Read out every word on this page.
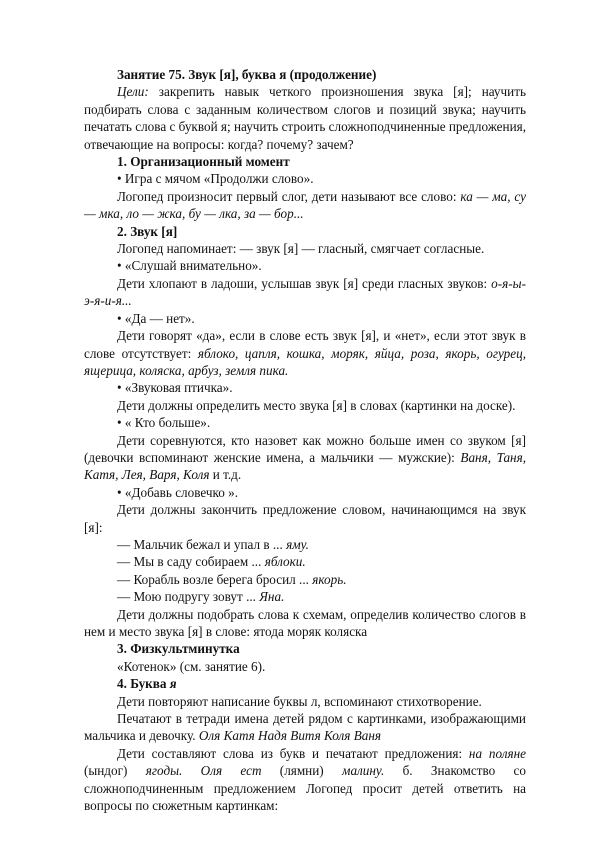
Занятие 75. Звук [я], буква я (продолжение)

Цели: закрепить навык четкого произношения звука [я]; научить подбирать слова с заданным количеством слогов и позиций звука; научить печатать слова с буквой я; научить строить сложноподчиненные предложения, отвечающие на вопросы: когда? почему? зачем?

1. Организационный момент

• Игра с мячом «Продолжи слово».

Логопед произносит первый слог, дети называют все слово: ка — ма, су — мка, ло — жка, бу — лка, за — бор...

2. Звук [я]

Логопед напоминает: — звук [я] — гласный, смягчает согласные.

• «Слушай внимательно».

Дети хлопают в ладоши, услышав звук [я] среди гласных звуков: о-я-ы-э-я-и-я...

• «Да — нет».

Дети говорят «да», если в слове есть звук [я], и «нет», если этот звук в слове отсутствует: яблоко, цапля, кошка, моряк, яйца, роза, якорь, огурец, ящерица, коляска, арбуз, земля пика.

• «Звуковая птичка».

Дети должны определить место звука [я] в словах (картинки на доске).

• « Кто больше».

Дети соревнуются, кто назовет как можно больше имен со звуком [я] (девочки вспоминают женские имена, а мальчики — мужские): Ваня, Таня, Катя, Лея, Варя, Коля и т.д.

• «Добавь словечко ».

Дети должны закончить предложение словом, начинающимся на звук [я]:

— Мальчик бежал и упал в ... яму.

— Мы в саду собираем ... яблоки.

— Корабль возле берега бросил ... якорь.

— Мою подругу зовут ... Яна.

Дети должны подобрать слова к схемам, определив количество слогов в нем и место звука [я] в слове: ятода моряк коляска

3. Физкультминутка

«Котенок» (см. занятие 6).

4. Буква я

Дети повторяют написание буквы л, вспоминают стихотворение.

Печатают в тетради имена детей рядом с картинками, изображающими мальчика и девочку. Оля Катя Надя Витя Коля Ваня

Дети составляют слова из букв и печатают предложения: на поляне (ындог) ягоды. Оля ест (лямни) малину. б. Знакомство со сложноподчиненным предложением Логопед просит детей ответить на вопросы по сюжетным картинкам:
